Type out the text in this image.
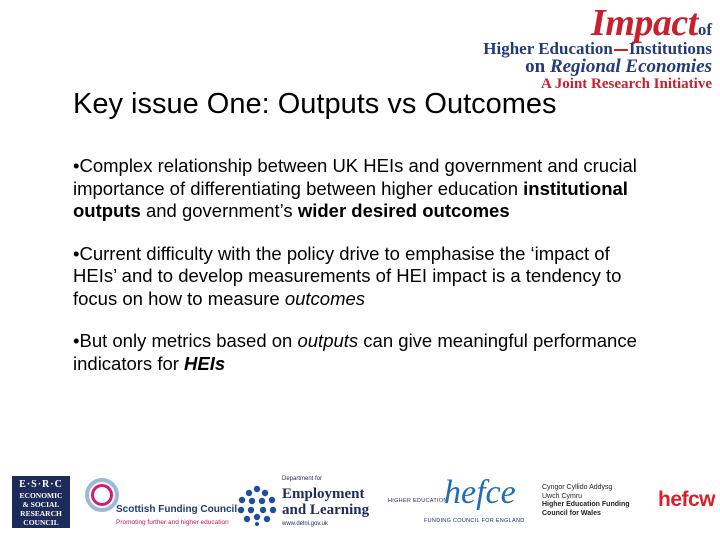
Impactof
Higher Education Institutions
on Regional Economies
A Joint Research Initiative
Key issue One: Outputs vs Outcomes

•Complex relationship between UK HEIs and government and crucial importance of differentiating between higher education institutional outputs and government’s wider desired outcomes

•Current difficulty with the policy drive to emphasise the ‘impact of HEIs’ and to develop measurements of HEI impact is a tendency to focus on how to measure outcomes

•But only metrics based on outputs can give meaningful performance indicators for HEIs

E·S·R·C
ECONOMIC
& SOCIAL
RESEARCH
COUNCIL
Scottish Funding Council
Promoting further and higher education
Department for
Employment
and Learning
www.delni.gov.uk
HIGHER EDUCATION
hefce
FUNDING COUNCIL FOR ENGLAND
Cyngor Cyllido Addysg
Uwch Cymru
Higher Education Funding
Council for Wales
hefcw
